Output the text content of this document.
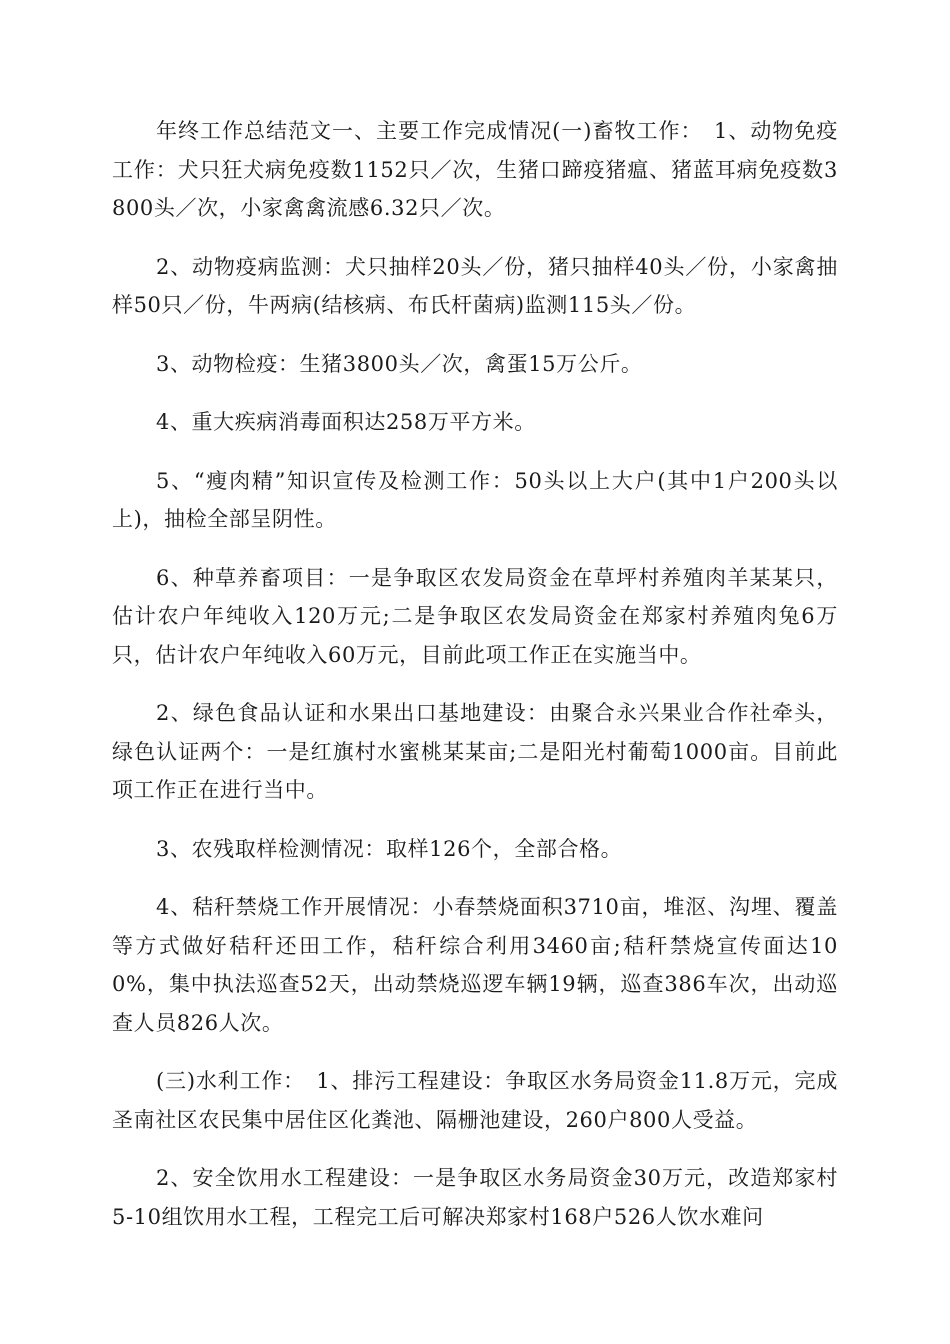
年终工作总结范文一、主要工作完成情况(一)畜牧工作：　1、动物免疫工作：犬只狂犬病免疫数1152只／次，生猪口蹄疫猪瘟、猪蓝耳病免疫数3800头／次，小家禽禽流感6.32只／次。

2、动物疫病监测：犬只抽样20头／份，猪只抽样40头／份，小家禽抽样50只／份，牛两病(结核病、布氏杆菌病)监测115头／份。

3、动物检疫：生猪3800头／次，禽蛋15万公斤。

4、重大疾病消毒面积达258万平方米。

5、“瘦肉精”知识宣传及检测工作：50头以上大户(其中1户200头以上)，抽检全部呈阴性。

6、种草养畜项目：一是争取区农发局资金在草坪村养殖肉羊某某只，估计农户年纯收入120万元;二是争取区农发局资金在郑家村养殖肉兔6万只，估计农户年纯收入60万元，目前此项工作正在实施当中。

2、绿色食品认证和水果出口基地建设：由聚合永兴果业合作社牵头，绿色认证两个：一是红旗村水蜜桃某某亩;二是阳光村葡萄1000亩。目前此项工作正在进行当中。

3、农残取样检测情况：取样126个，全部合格。

4、秸秆禁烧工作开展情况：小春禁烧面积3710亩，堆沤、沟埋、覆盖等方式做好秸秆还田工作，秸秆综合利用3460亩;秸秆禁烧宣传面达100%，集中执法巡查52天，出动禁烧巡逻车辆19辆，巡查386车次，出动巡查人员826人次。

(三)水利工作：　1、排污工程建设：争取区水务局资金11.8万元，完成圣南社区农民集中居住区化粪池、隔栅池建设，260户800人受益。

2、安全饮用水工程建设：一是争取区水务局资金30万元，改造郑家村5-10组饮用水工程，工程完工后可解决郑家村168户526人饮水难问
